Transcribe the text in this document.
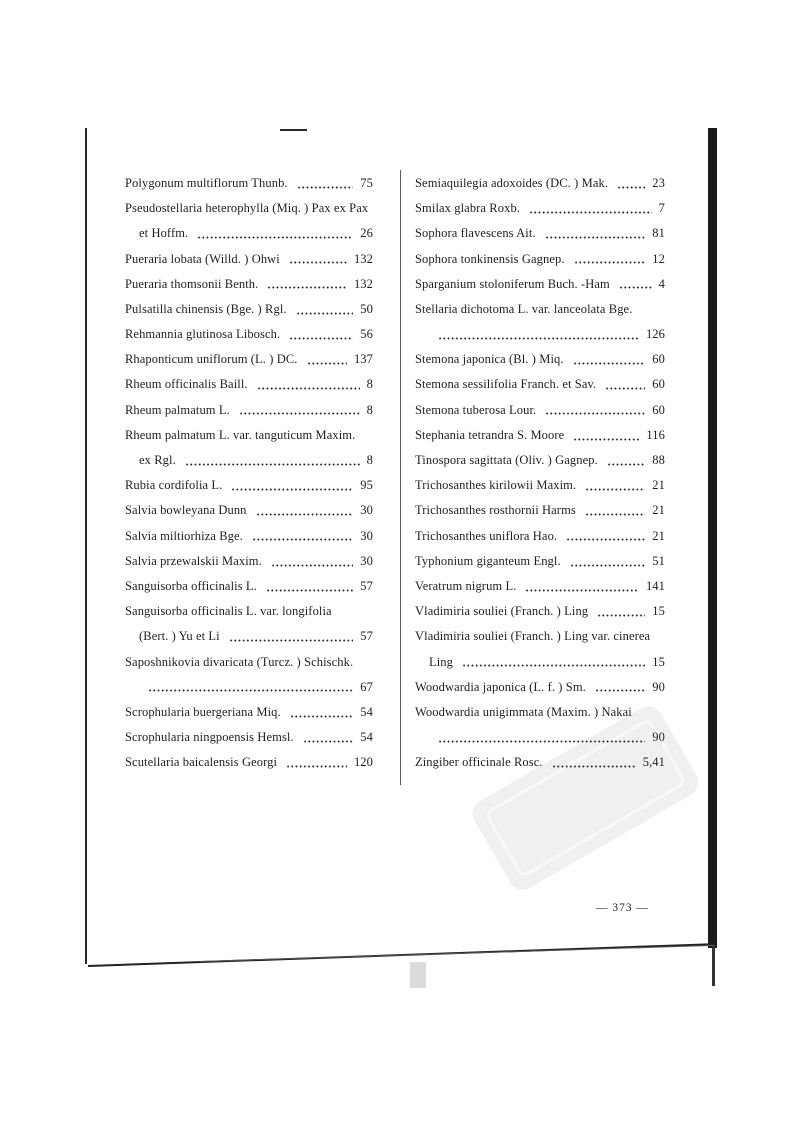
Polygonum multiflorum Thunb.	75
Pseudostellaria heterophylla (Miq. ) Pax ex Pax
et Hoffm.	26
Pueraria lobata (Willd. ) Ohwi	132
Pueraria thomsonii Benth.	132
Pulsatilla chinensis (Bge. ) Rgl.	50
Rehmannia glutinosa Libosch.	56
Rhaponticum uniflorum (L. ) DC.	137
Rheum officinalis Baill.	8
Rheum palmatum L.	8
Rheum palmatum L. var. tanguticum Maxim.
ex Rgl.	8
Rubia cordifolia L.	95
Salvia bowleyana Dunn	30
Salvia miltiorhiza Bge.	30
Salvia przewalskii Maxim.	30
Sanguisorba officinalis L.	57
Sanguisorba officinalis L. var. longifolia
(Bert. ) Yu et Li	57
Saposhnikovia divaricata (Turcz. ) Schischk.
67
Scrophularia buergeriana Miq.	54
Scrophularia ningpoensis Hemsl.	54
Scutellaria baicalensis Georgi	120
Semiaquilegia adoxoides (DC. ) Mak.	23
Smilax glabra Roxb.	7
Sophora flavescens Ait.	81
Sophora tonkinensis Gagnep.	12
Sparganium stoloniferum Buch. -Ham	4
Stellaria dichotoma L. var. lanceolata Bge.
126
Stemona japonica (Bl. ) Miq.	60
Stemona sessilifolia Franch. et Sav.	60
Stemona tuberosa Lour.	60
Stephania tetrandra S. Moore	116
Tinospora sagittata (Oliv. ) Gagnep.	88
Trichosanthes kirilowii Maxim.	21
Trichosanthes rosthornii Harms	21
Trichosanthes uniflora Hao.	21
Typhonium giganteum Engl.	51
Veratrum nigrum L.	141
Vladimiria souliei (Franch. ) Ling	15
Vladimiria souliei (Franch. ) Ling var. cinerea
Ling	15
Woodwardia japonica (L. f. ) Sm.	90
Woodwardia unigimmata (Maxim. ) Nakai
90
Zingiber officinale Rosc.	5,41
— 373 —
